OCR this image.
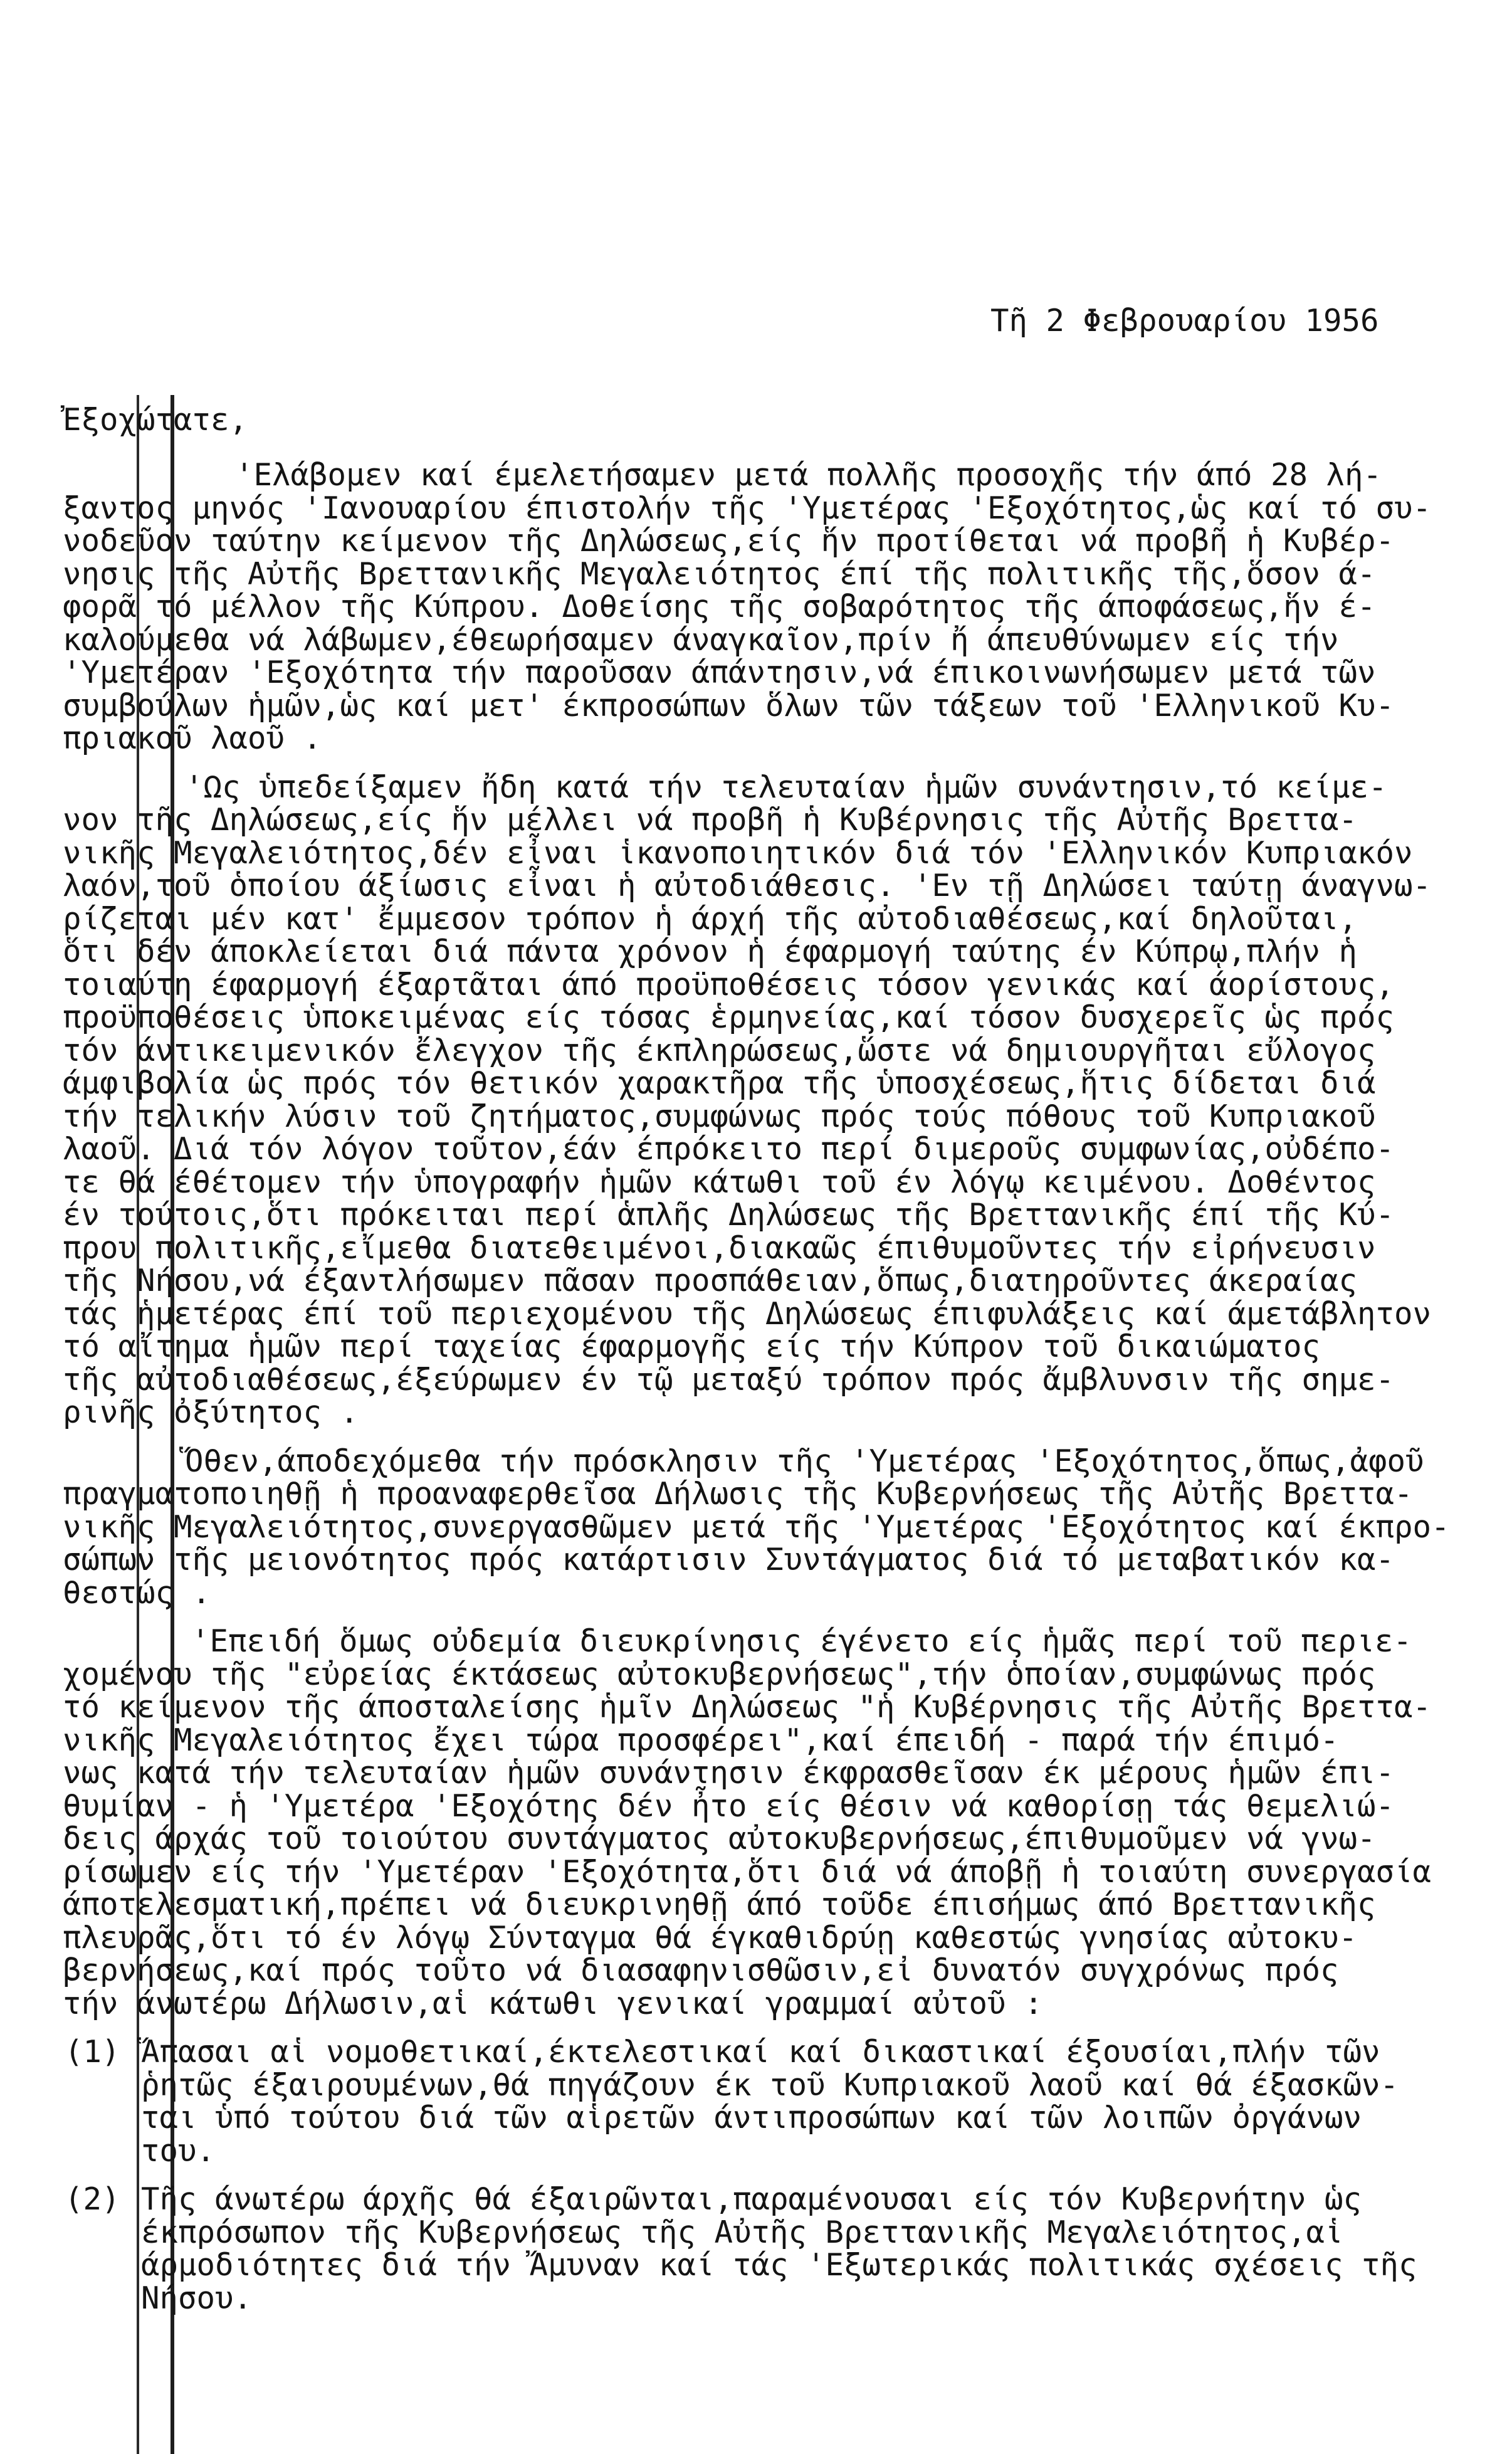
Τῆ 2 Φεβρουαρίου 1956
Ἐξοχώτατε,
'Ελάβομεν καί έμελετήσαμεν μετά πολλῆς προσοχῆς τήν άπό 28 λή-
ξαντος μηνός 'Ιανουαρίου έπιστολήν τῆς 'Υμετέρας 'Εξοχότητος,ὡς καί τό συ-
νοδεῦον ταύτην κείμενον τῆς Δηλώσεως,είς ἥν προτίθεται νά προβῆ ἡ Κυβέρ-
νησις τῆς Αὐτῆς Βρεττανικῆς Μεγαλειότητος έπί τῆς πολιτικῆς τῆς,ὅσον ά-
φορᾶ τό μέλλον τῆς Κύπρου. Δοθείσης τῆς σοβαρότητος τῆς άποφάσεως,ἥν έ-
καλούμεθα νά λάβωμεν,έθεωρήσαμεν άναγκαῖον,πρίν ἤ άπευθύνωμεν είς τήν
'Υμετέραν 'Εξοχότητα τήν παροῦσαν άπάντησιν,νά έπικοινωνήσωμεν μετά τῶν
συμβούλων ἡμῶν,ὡς καί μετ' έκπροσώπων ὅλων τῶν τάξεων τοῦ 'Ελληνικοῦ Κυ-
πριακοῦ λαοῦ .
'Ως ὑπεδείξαμεν ἤδη κατά τήν τελευταίαν ἡμῶν συνάντησιν,τό κείμε-
νον τῆς Δηλώσεως,είς ἥν μέλλει νά προβῆ ἡ Κυβέρνησις τῆς Αὐτῆς Βρεττα-
νικῆς Μεγαλειότητος,δέν εἶναι ἱκανοποιητικόν διά τόν 'Ελληνικόν Κυπριακόν
λαόν,τοῦ ὁποίου άξίωσις εἶναι ἡ αὐτοδιάθεσις. 'Εν τῇ Δηλώσει ταύτῃ άναγνω-
ρίζεται μέν κατ' ἔμμεσον τρόπον ἡ άρχή τῆς αὐτοδιαθέσεως,καί δηλοῦται,
ὅτι δέν άποκλείεται διά πάντα χρόνον ἡ έφαρμογή ταύτης έν Κύπρῳ,πλήν ἡ
τοιαύτη έφαρμογή έξαρτᾶται άπό προϋποθέσεις τόσον γενικάς καί άορίστους,
προϋποθέσεις ὑποκειμένας είς τόσας ἑρμηνείας,καί τόσον δυσχερεῖς ὡς πρός
τόν άντικειμενικόν ἔλεγχον τῆς έκπληρώσεως,ὥστε νά δημιουργῆται εὔλογος
άμφιβολία ὡς πρός τόν θετικόν χαρακτῆρα τῆς ὑποσχέσεως,ἥτις δίδεται διά
τήν τελικήν λύσιν τοῦ ζητήματος,συμφώνως πρός τούς πόθους τοῦ Κυπριακοῦ
λαοῦ. Διά τόν λόγον τοῦτον,έάν έπρόκειτο περί διμεροῦς συμφωνίας,οὐδέπο-
τε θά έθέτομεν τήν ὑπογραφήν ἡμῶν κάτωθι τοῦ έν λόγῳ κειμένου. Δοθέντος
έν τούτοις,ὅτι πρόκειται περί ἁπλῆς Δηλώσεως τῆς Βρεττανικῆς έπί τῆς Κύ-
πρου πολιτικῆς,εἴμεθα διατεθειμένοι,διακαῶς έπιθυμοῦντες τήν εἰρήνευσιν
τῆς Νήσου,νά έξαντλήσωμεν πᾶσαν προσπάθειαν,ὅπως,διατηροῦντες άκεραίας
τάς ἡμετέρας έπί τοῦ περιεχομένου τῆς Δηλώσεως έπιφυλάξεις καί άμετάβλητον
τό αἴτημα ἡμῶν περί ταχείας έφαρμογῆς είς τήν Κύπρον τοῦ δικαιώματος
τῆς αὐτοδιαθέσεως,έξεύρωμεν έν τῷ μεταξύ τρόπον πρός ἄμβλυνσιν τῆς σημε-
ρινῆς ὀξύτητος .
Ὅθεν,άποδεχόμεθα τήν πρόσκλησιν τῆς 'Υμετέρας 'Εξοχότητος,ὅπως,ἀφοῦ
πραγματοποιηθῇ ἡ προαναφερθεῖσα Δήλωσις τῆς Κυβερνήσεως τῆς Αὐτῆς Βρεττα-
νικῆς Μεγαλειότητος,συνεργασθῶμεν μετά τῆς 'Υμετέρας 'Εξοχότητος καί έκπρο-
σώπων τῆς μειονότητος πρός κατάρτισιν Συντάγματος διά τό μεταβατικόν κα-
θεστώς .
'Επειδή ὅμως οὐδεμία διευκρίνησις έγένετο είς ἡμᾶς περί τοῦ περιε-
χομένου τῆς "εὐρείας έκτάσεως αὐτοκυβερνήσεως",τήν ὁποίαν,συμφώνως πρός
τό κείμενον τῆς άποσταλείσης ἡμῖν Δηλώσεως "ἡ Κυβέρνησις τῆς Αὐτῆς Βρεττα-
νικῆς Μεγαλειότητος ἔχει τώρα προσφέρει",καί έπειδή - παρά τήν έπιμό-
νως κατά τήν τελευταίαν ἡμῶν συνάντησιν έκφρασθεῖσαν έκ μέρους ἡμῶν έπι-
θυμίαν - ἡ 'Υμετέρα 'Εξοχότης δέν ἦτο είς θέσιν νά καθορίσῃ τάς θεμελιώ-
δεις άρχάς τοῦ τοιούτου συντάγματος αὐτοκυβερνήσεως,έπιθυμοῦμεν νά γνω-
ρίσωμεν είς τήν 'Υμετέραν 'Εξοχότητα,ὅτι διά νά άποβῇ ἡ τοιαύτη συνεργασία
άποτελεσματική,πρέπει νά διευκρινηθῇ άπό τοῦδε έπισήμως άπό Βρεττανικῆς
πλευρᾶς,ὅτι τό έν λόγῳ Σύνταγμα θά έγκαθιδρύῃ καθεστώς γνησίας αὐτοκυ-
βερνήσεως,καί πρός τοῦτο νά διασαφηνισθῶσιν,εἰ δυνατόν συγχρόνως πρός
τήν άνωτέρω Δήλωσιν,αἱ κάτωθι γενικαί γραμμαί αὐτοῦ :
(1) Ἅπασαι αἱ νομοθετικαί,έκτελεστικαί καί δικαστικαί έξουσίαι,πλήν τῶν
ῥητῶς έξαιρουμένων,θά πηγάζουν έκ τοῦ Κυπριακοῦ λαοῦ καί θά έξασκῶν-
ται ὑπό τούτου διά τῶν αἱρετῶν άντιπροσώπων καί τῶν λοιπῶν ὀργάνων
του.
(2) Τῆς άνωτέρω άρχῆς θά έξαιρῶνται,παραμένουσαι είς τόν Κυβερνήτην ὡς
έκπρόσωπον τῆς Κυβερνήσεως τῆς Αὐτῆς Βρεττανικῆς Μεγαλειότητος,αἱ
άρμοδιότητες διά τήν Ἄμυναν καί τάς 'Εξωτερικάς πολιτικάς σχέσεις τῆς
Νήσου.
